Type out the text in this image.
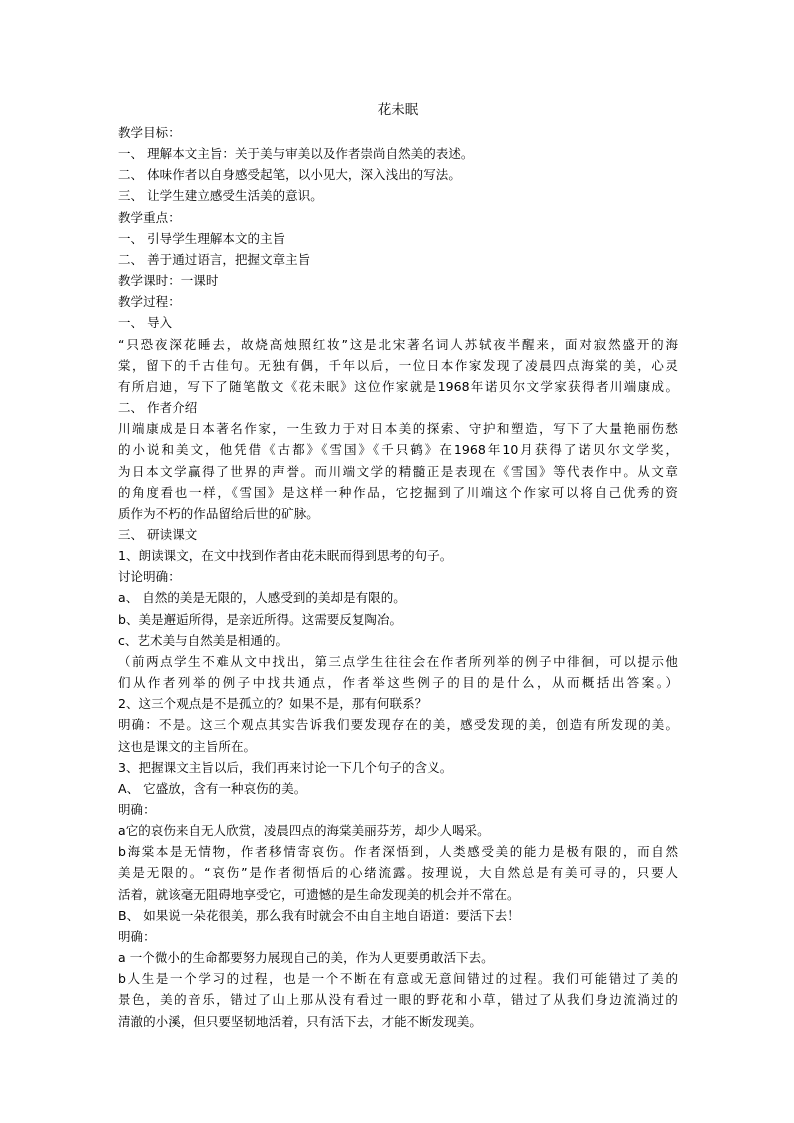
花未眠
教学目标：
一、 理解本文主旨：关于美与审美以及作者崇尚自然美的表述。
二、 体味作者以自身感受起笔，以小见大，深入浅出的写法。
三、 让学生建立感受生活美的意识。
教学重点：
一、 引导学生理解本文的主旨
二、 善于通过语言，把握文章主旨
教学课时：一课时
教学过程：
一、 导入
“只恐夜深花睡去，故烧高烛照红妆”这是北宋著名词人苏轼夜半醒来，面对寂然盛开的海
棠，留下的千古佳句。无独有偶，千年以后，一位日本作家发现了凌晨四点海棠的美，心灵
有所启迪，写下了随笔散文《花未眠》这位作家就是1968年诺贝尔文学家获得者川端康成。
二、 作者介绍
川端康成是日本著名作家，一生致力于对日本美的探索、守护和塑造，写下了大量艳丽伤愁
的小说和美文，他凭借《古都》《雪国》《千只鹤》在1968年10月获得了诺贝尔文学奖，
为日本文学赢得了世界的声誉。而川端文学的精髓正是表现在《雪国》等代表作中。从文章
的角度看也一样，《雪国》是这样一种作品，它挖掘到了川端这个作家可以将自己优秀的资
质作为不朽的作品留给后世的矿脉。
三、 研读课文
1、朗读课文，在文中找到作者由花未眠而得到思考的句子。
讨论明确：
a、 自然的美是无限的，人感受到的美却是有限的。
b、美是邂逅所得，是亲近所得。这需要反复陶冶。
c、艺术美与自然美是相通的。
（前两点学生不难从文中找出，第三点学生往往会在作者所列举的例子中徘徊，可以提示他
们从作者列举的例子中找共通点，作者举这些例子的目的是什么，从而概括出答案。）
2、这三个观点是不是孤立的？如果不是，那有何联系？
明确：不是。这三个观点其实告诉我们要发现存在的美，感受发现的美，创造有所发现的美。
这也是课文的主旨所在。
3、把握课文主旨以后，我们再来讨论一下几个句子的含义。
A、 它盛放，含有一种哀伤的美。
明确：
a它的哀伤来自无人欣赏，凌晨四点的海棠美丽芬芳，却少人喝采。
b海棠本是无情物，作者移情寄哀伤。作者深悟到，人类感受美的能力是极有限的，而自然
美是无限的。“哀伤”是作者彻悟后的心绪流露。按理说，大自然总是有美可寻的，只要人
活着，就该毫无阻碍地享受它，可遗憾的是生命发现美的机会并不常在。
B、 如果说一朵花很美，那么我有时就会不由自主地自语道：要活下去！
明确：
a 一个微小的生命都要努力展现自己的美，作为人更要勇敢活下去。
b人生是一个学习的过程，也是一个不断在有意或无意间错过的过程。我们可能错过了美的
景色，美的音乐，错过了山上那从没有看过一眼的野花和小草，错过了从我们身边流淌过的
清澈的小溪，但只要坚韧地活着，只有活下去，才能不断发现美。
